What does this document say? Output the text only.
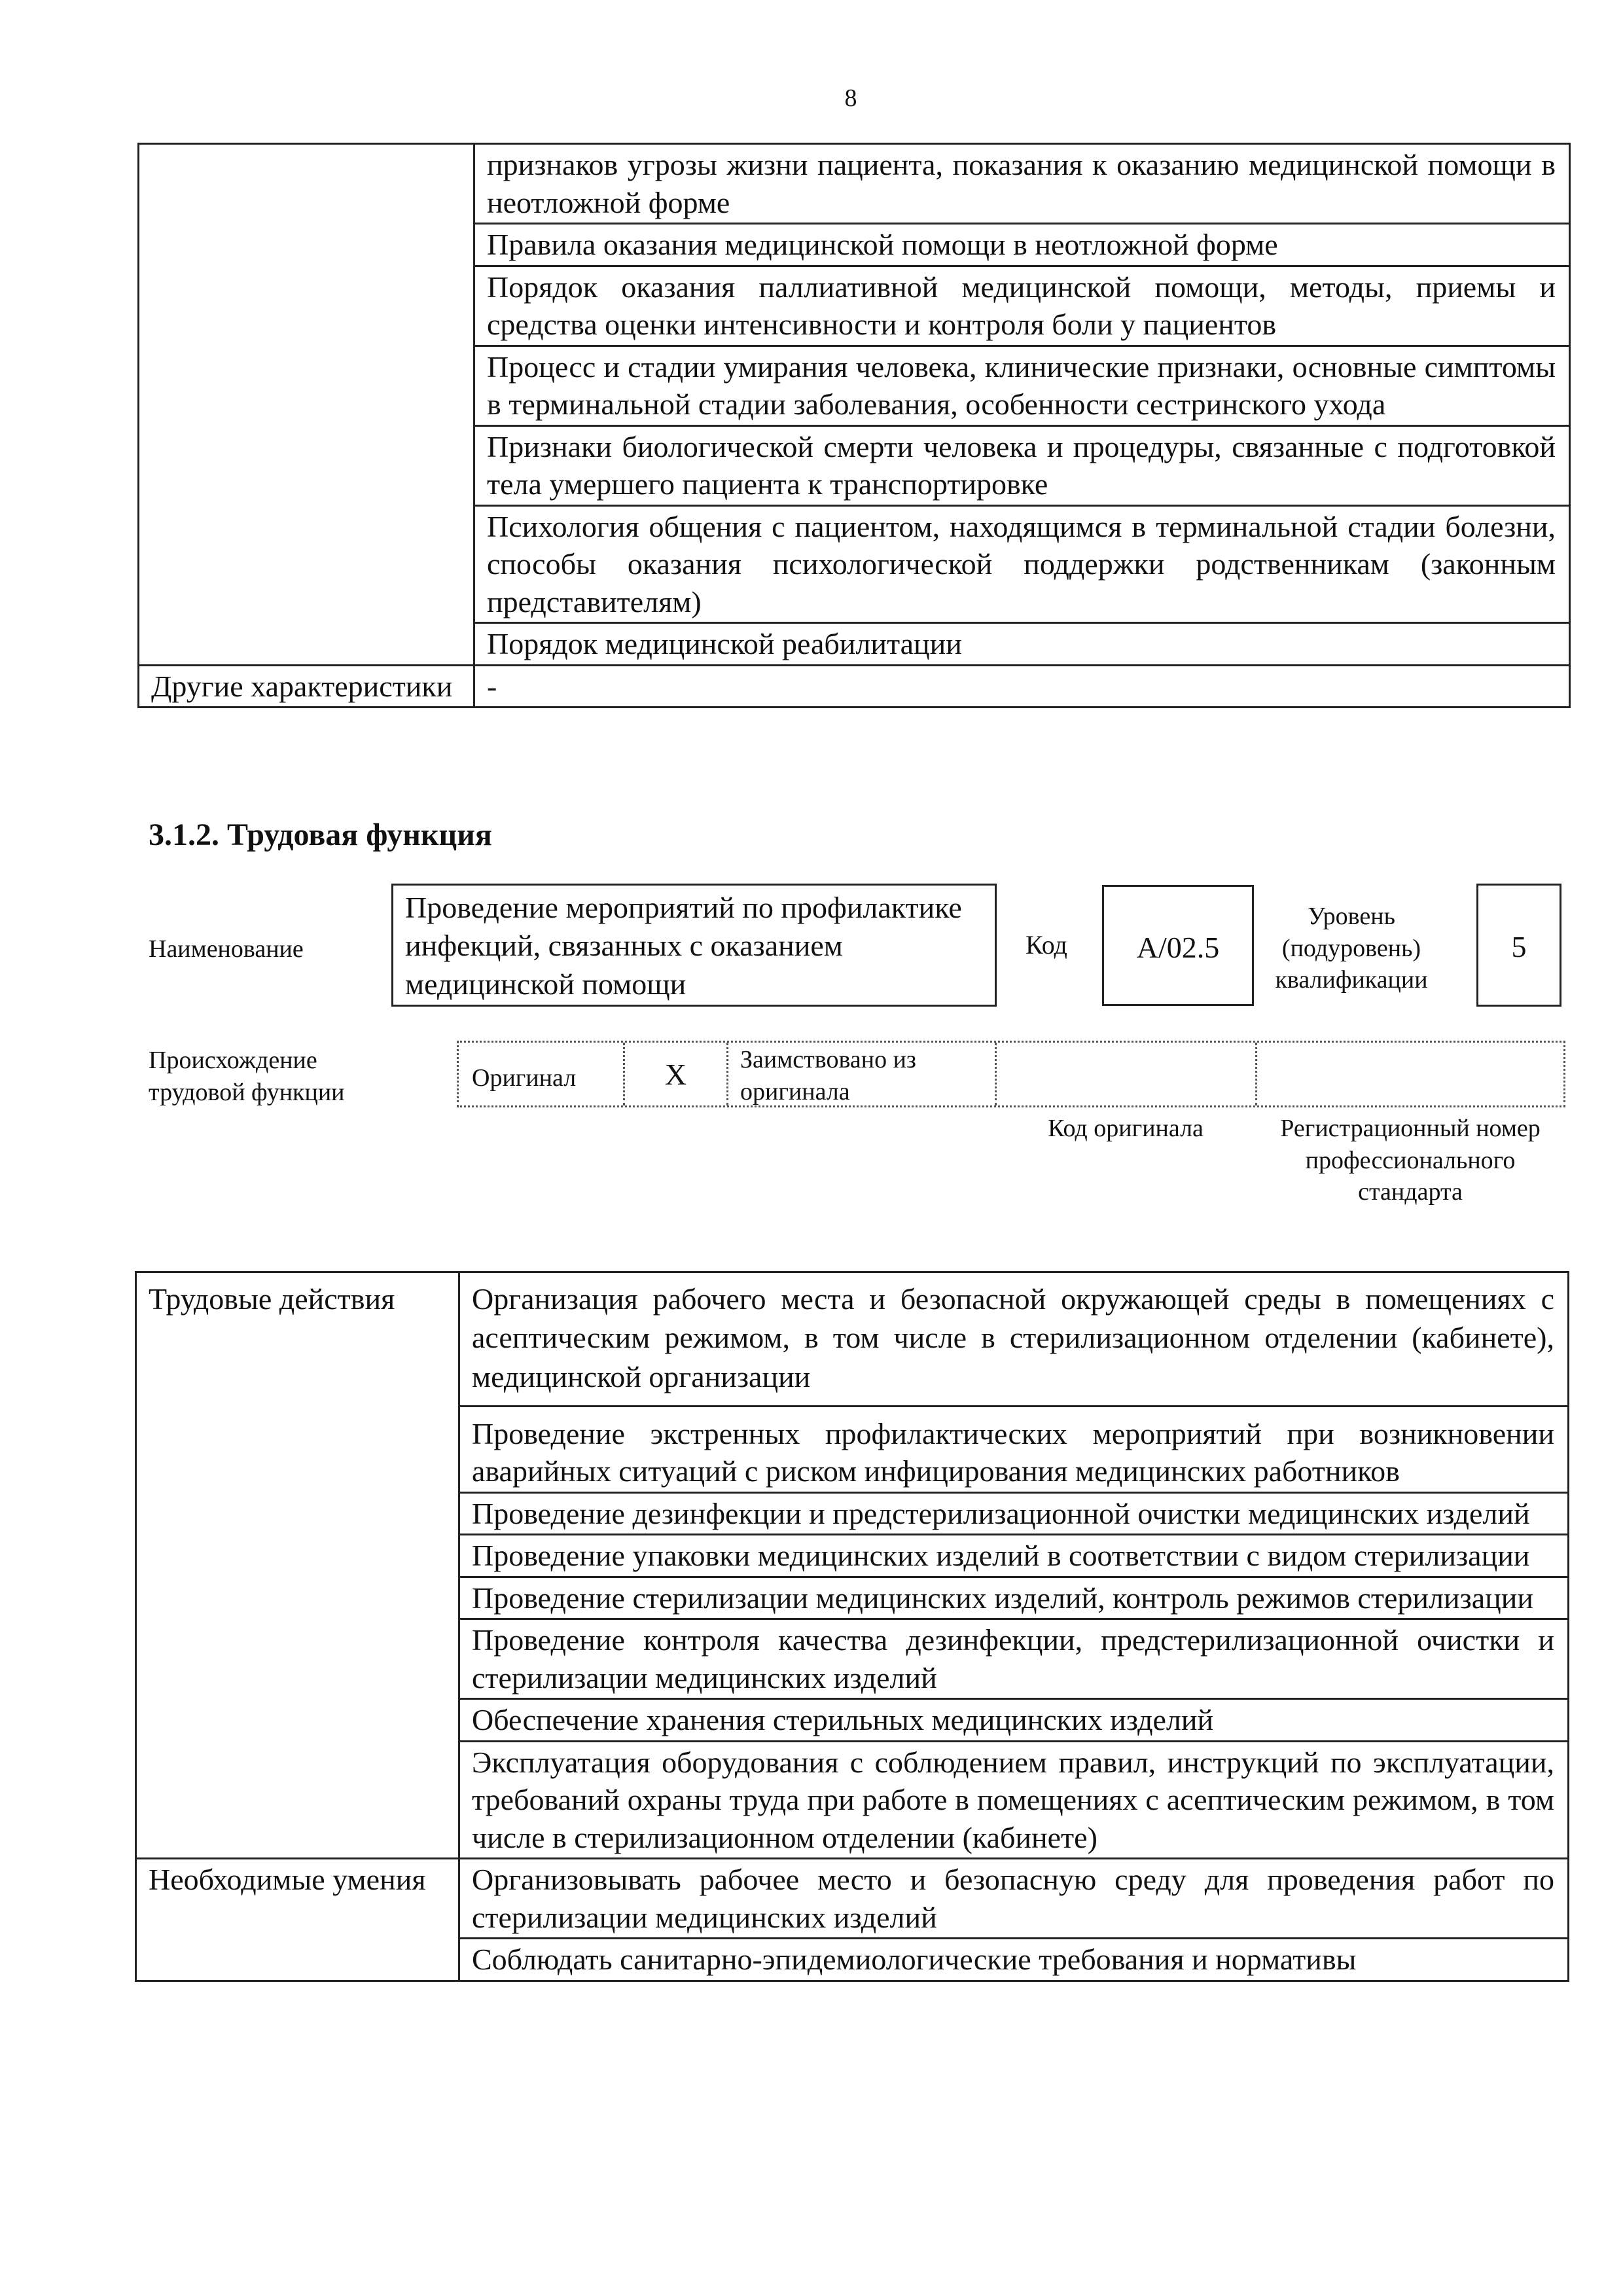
8
	признаков угрозы жизни пациента, показания к оказанию медицинской помощи в неотложной форме
	Правила оказания медицинской помощи в неотложной форме
	Порядок оказания паллиативной медицинской помощи, методы, приемы и средства оценки интенсивности и контроля боли у пациентов
	Процесс и стадии умирания человека, клинические признаки, основные симптомы в терминальной стадии заболевания, особенности сестринского ухода
	Признаки биологической смерти человека и процедуры, связанные с подготовкой тела умершего пациента к транспортировке
	Психология общения с пациентом, находящимся в терминальной стадии болезни, способы оказания психологической поддержки родственникам (законным представителям)
	Порядок медицинской реабилитации
Другие характеристики	-
3.1.2. Трудовая функция
Наименование
Проведение мероприятий по профилактике инфекций, связанных с оказанием медицинской помощи
Код	A/02.5
Уровень (подуровень) квалификации
5
Происхождение трудовой функции
Оригинал	X	Заимствовано из оригинала
Код оригинала	Регистрационный номер профессионального стандарта
Трудовые действия	Организация рабочего места и безопасной окружающей среды в помещениях с асептическим режимом, в том числе в стерилизационном отделении (кабинете), медицинской организации
	Проведение экстренных профилактических мероприятий при возникновении аварийных ситуаций с риском инфицирования медицинских работников
	Проведение дезинфекции и предстерилизационной очистки медицинских изделий
	Проведение упаковки медицинских изделий в соответствии с видом стерилизации
	Проведение стерилизации медицинских изделий, контроль режимов стерилизации
	Проведение контроля качества дезинфекции, предстерилизационной очистки и стерилизации медицинских изделий
	Обеспечение хранения стерильных медицинских изделий
	Эксплуатация оборудования с соблюдением правил, инструкций по эксплуатации, требований охраны труда при работе в помещениях с асептическим режимом, в том числе в стерилизационном отделении (кабинете)
Необходимые умения	Организовывать рабочее место и безопасную среду для проведения работ по стерилизации медицинских изделий
	Соблюдать санитарно-эпидемиологические требования и нормативы
